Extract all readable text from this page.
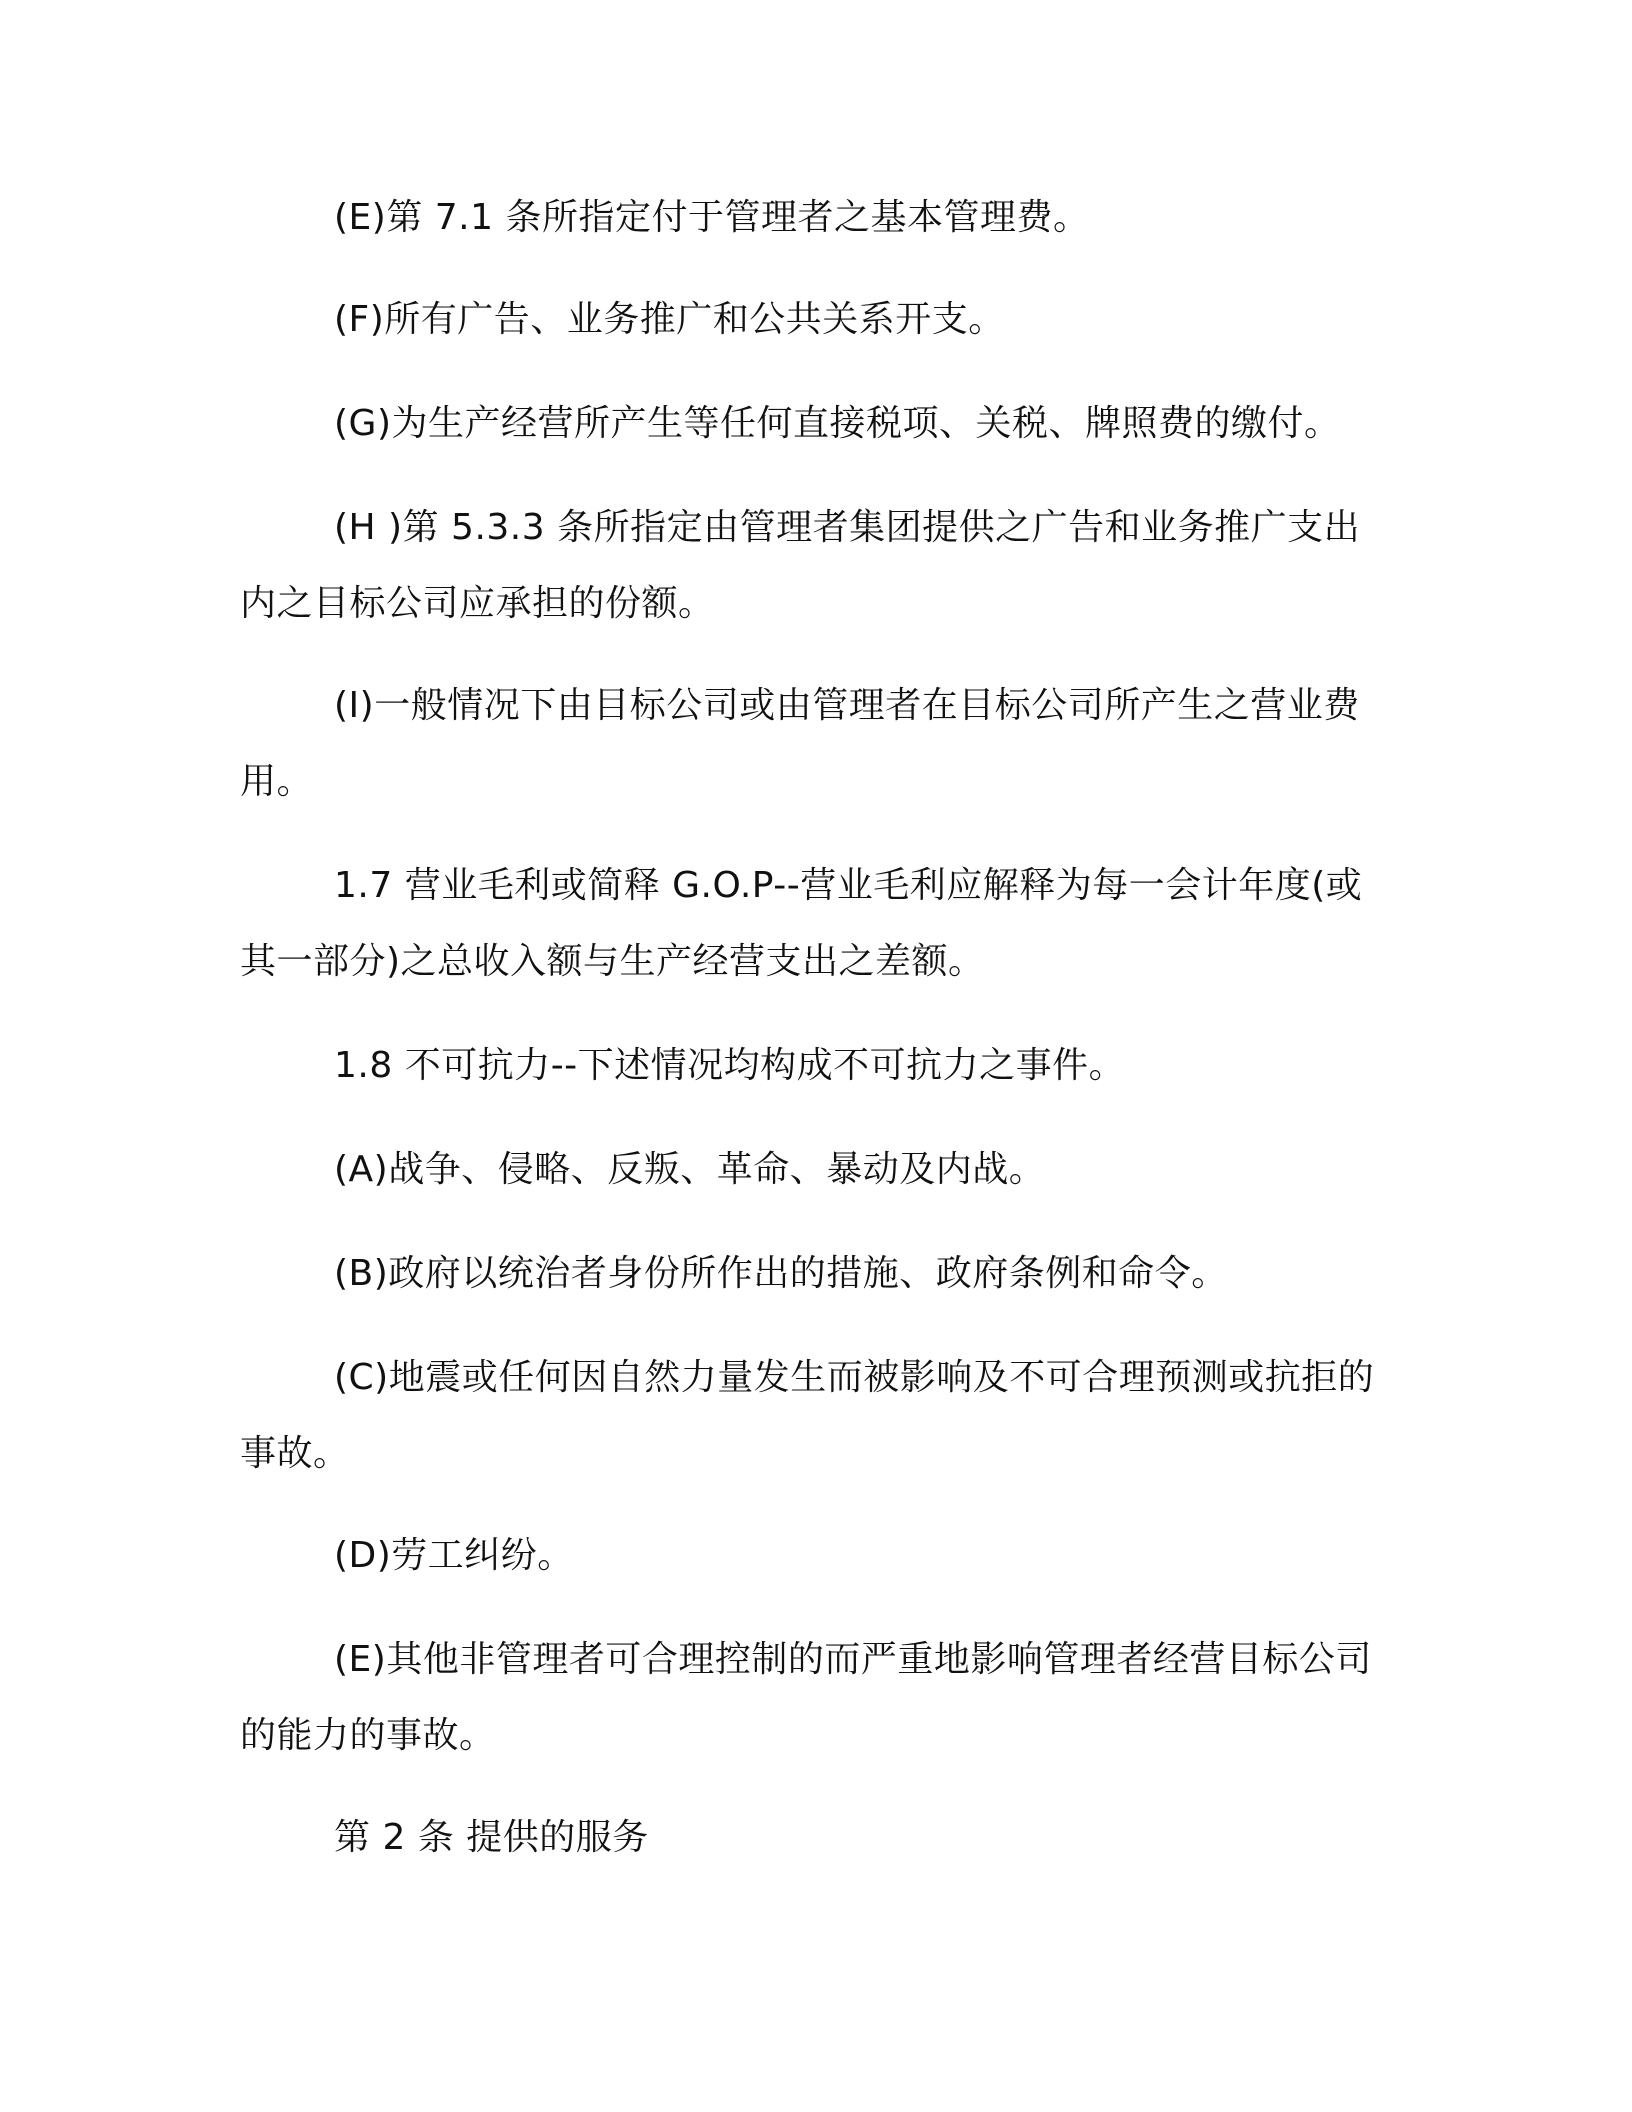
(E)第 7.1 条所指定付于管理者之基本管理费。
(F)所有广告、业务推广和公共关系开支。
(G)为生产经营所产生等任何直接税项、关税、牌照费的缴付。
(H )第 5.3.3 条所指定由管理者集团提供之广告和业务推广支出内之目标公司应承担的份额。
(I)一般情况下由目标公司或由管理者在目标公司所产生之营业费用。
1.7 营业毛利或简释 G.O.P--营业毛利应解释为每一会计年度(或其一部分)之总收入额与生产经营支出之差额。
1.8 不可抗力--下述情况均构成不可抗力之事件。
(A)战争、侵略、反叛、革命、暴动及内战。
(B)政府以统治者身份所作出的措施、政府条例和命令。
(C)地震或任何因自然力量发生而被影响及不可合理预测或抗拒的事故。
(D)劳工纠纷。
(E)其他非管理者可合理控制的而严重地影响管理者经营目标公司的能力的事故。
第 2 条 提供的服务
